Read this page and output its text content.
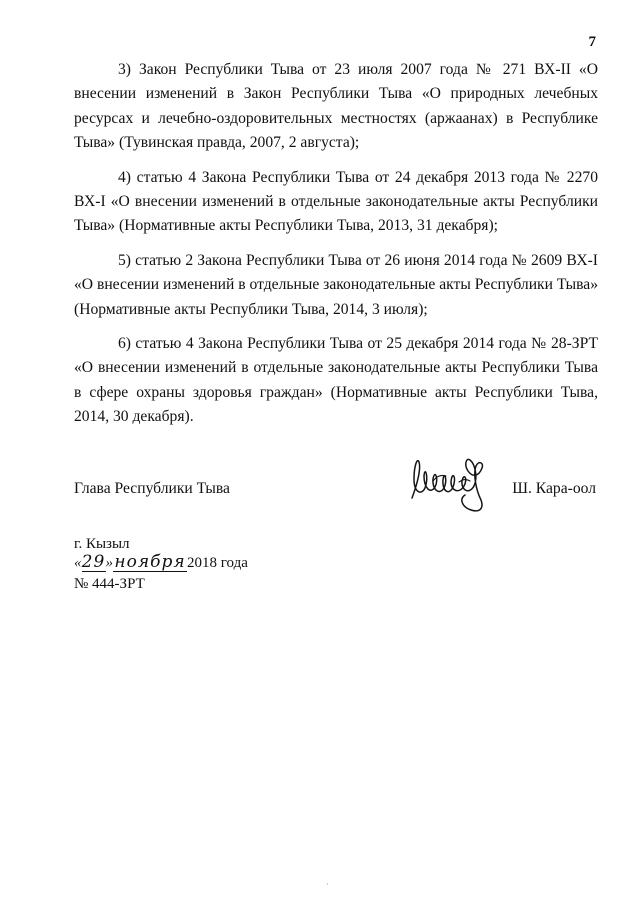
7

3) Закон Республики Тыва от 23 июля 2007 года № 271 ВХ-II «О внесении изменений в Закон Республики Тыва «О природных лечебных ресурсах и лечебно-оздоровительных местностях (аржаанах) в Республике Тыва» (Тувинская правда, 2007, 2 августа);

4) статью 4 Закона Республики Тыва от 24 декабря 2013 года № 2270 ВХ-I «О внесении изменений в отдельные законодательные акты Республики Тыва» (Нормативные акты Республики Тыва, 2013, 31 декабря);

5) статью 2 Закона Республики Тыва от 26 июня 2014 года № 2609 ВХ-I «О внесении изменений в отдельные законодательные акты Республики Тыва» (Нормативные акты Республики Тыва, 2014, 3 июля);

6) статью 4 Закона Республики Тыва от 25 декабря 2014 года № 28-ЗРТ «О внесении изменений в отдельные законодательные акты Республики Тыва в сфере охраны здоровья граждан» (Нормативные акты Республики Тыва, 2014, 30 декабря).

Глава Республики Тыва	Ш. Кара-оол
г. Кызыл
«29»ноября2018 года
№ 444-ЗРТ
·
